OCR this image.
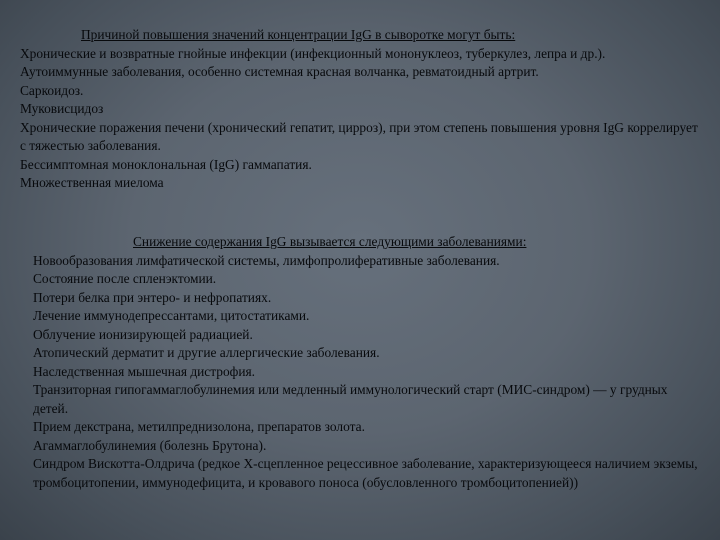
Причиной повышения значений концентрации IgG в сыворотке могут быть:

Хронические и возвратные гнойные инфекции (инфекционный мононуклеоз, туберкулез, лепра и др.).

Аутоиммунные заболевания, особенно системная красная волчанка, ревматоидный артрит.

Саркоидоз.

Муковисцидоз

Хронические поражения печени (хронический гепатит, цирроз), при этом степень повышения уровня IgG коррелирует с тяжестью заболевания.

Бессимптомная моноклональная (IgG) гаммапатия.

Множественная миелома

Снижение содержания IgG вызывается следующими заболеваниями:

Новообразования лимфатической системы, лимфопролиферативные заболевания.

Состояние после спленэктомии.

Потери белка при энтеро- и нефропатиях.

Лечение иммунодепрессантами, цитостатиками.

Облучение ионизирующей радиацией.

Атопический дерматит и другие аллергические заболевания.

Наследственная мышечная дистрофия.

Транзиторная гипогаммаглобулинемия или медленный иммунологический старт (МИС-синдром) — у грудных детей.

Прием декстрана, метилпреднизолона, препаратов золота.

Агаммаглобулинемия (болезнь Брутона).

Синдром Вискотта-Олдрича (редкое Х-сцепленное рецессивное заболевание, характеризующееся наличием экземы, тромбоцитопении, иммунодефицита, и кровавого поноса (обусловленного тромбоцитопенией))
